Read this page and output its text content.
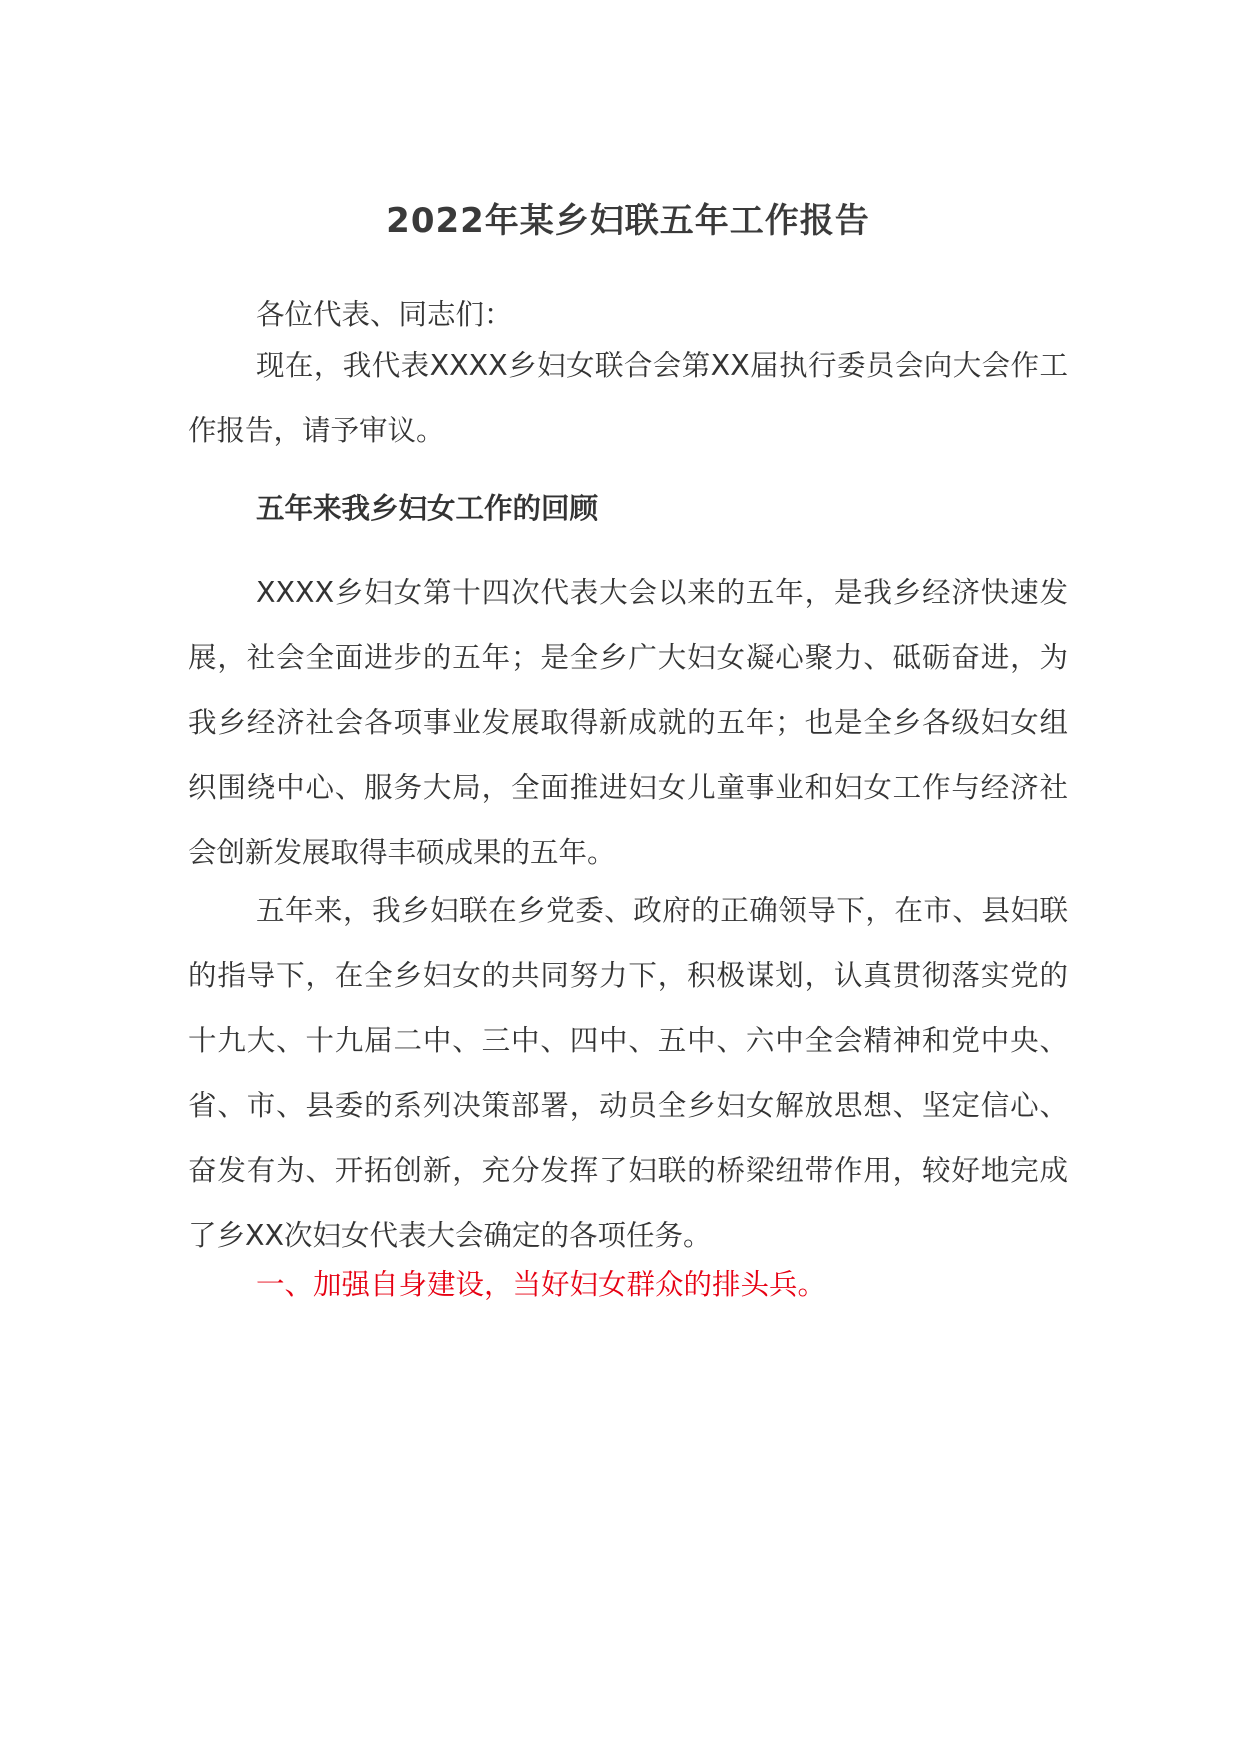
2022年某乡妇联五年工作报告

各位代表、同志们：

现在，我代表XXXX乡妇女联合会第XX届执行委员会向大会作工作报告，请予审议。

五年来我乡妇女工作的回顾

XXXX乡妇女第十四次代表大会以来的五年，是我乡经济快速发展，社会全面进步的五年；是全乡广大妇女凝心聚力、砥砺奋进，为我乡经济社会各项事业发展取得新成就的五年；也是全乡各级妇女组织围绕中心、服务大局，全面推进妇女儿童事业和妇女工作与经济社会创新发展取得丰硕成果的五年。

五年来，我乡妇联在乡党委、政府的正确领导下，在市、县妇联的指导下，在全乡妇女的共同努力下，积极谋划，认真贯彻落实党的十九大、十九届二中、三中、四中、五中、六中全会精神和党中央、省、市、县委的系列决策部署，动员全乡妇女解放思想、坚定信心、奋发有为、开拓创新，充分发挥了妇联的桥梁纽带作用，较好地完成了乡XX次妇女代表大会确定的各项任务。

一、加强自身建设，当好妇女群众的排头兵。
